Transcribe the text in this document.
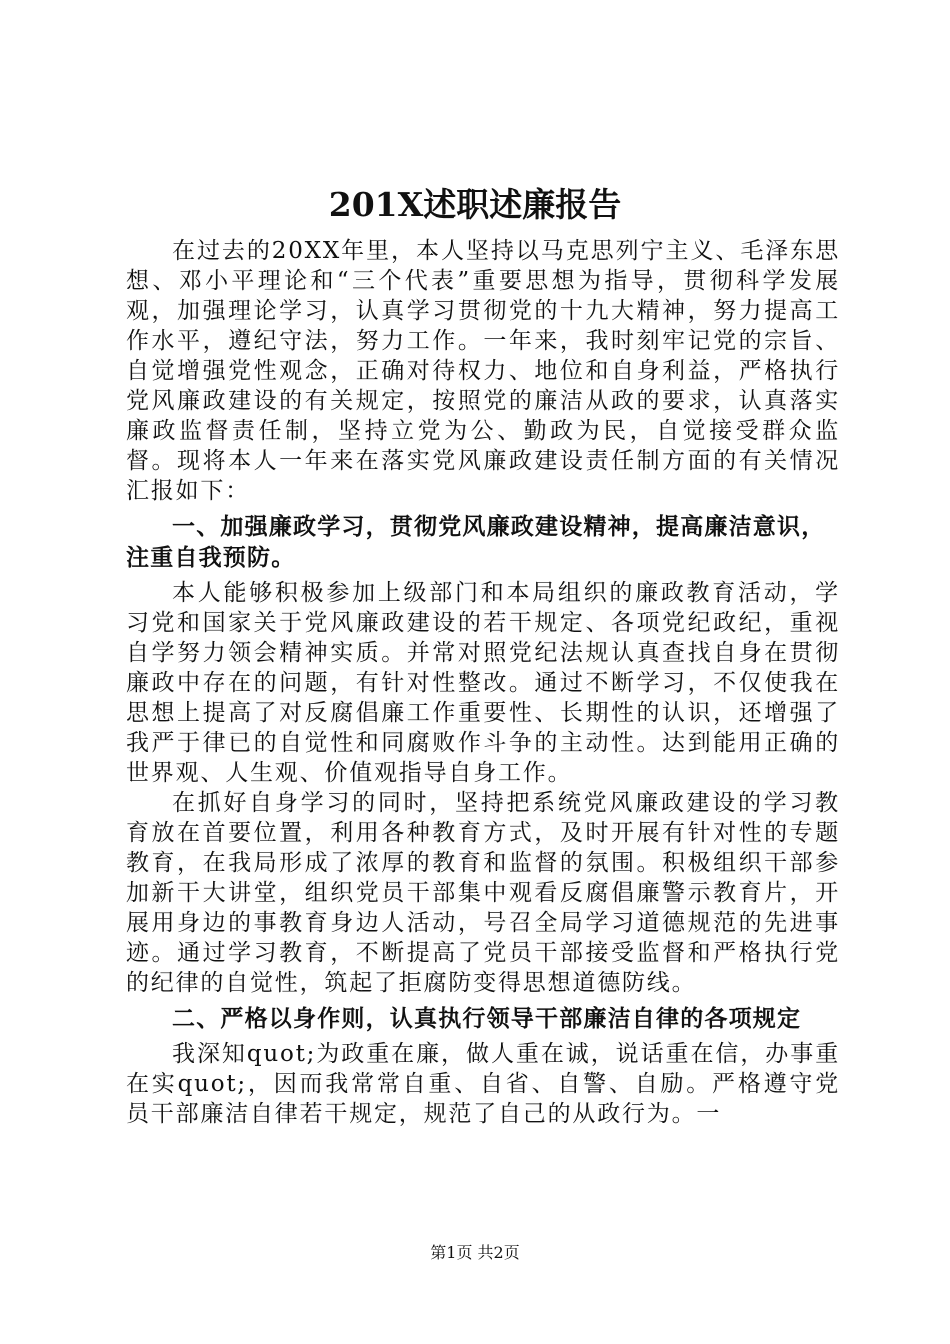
201X述职述廉报告

在过去的20XX年里，本人坚持以马克思列宁主义、毛泽东思想、邓小平理论和“三个代表”重要思想为指导，贯彻科学发展观，加强理论学习，认真学习贯彻党的十九大精神，努力提高工作水平，遵纪守法，努力工作。一年来，我时刻牢记党的宗旨、自觉增强党性观念，正确对待权力、地位和自身利益，严格执行党风廉政建设的有关规定，按照党的廉洁从政的要求，认真落实廉政监督责任制，坚持立党为公、勤政为民，自觉接受群众监督。现将本人一年来在落实党风廉政建设责任制方面的有关情况汇报如下：

一、加强廉政学习，贯彻党风廉政建设精神，提高廉洁意识，注重自我预防。

本人能够积极参加上级部门和本局组织的廉政教育活动，学习党和国家关于党风廉政建设的若干规定、各项党纪政纪，重视自学努力领会精神实质。并常对照党纪法规认真查找自身在贯彻廉政中存在的问题，有针对性整改。通过不断学习，不仅使我在思想上提高了对反腐倡廉工作重要性、长期性的认识，还增强了我严于律已的自觉性和同腐败作斗争的主动性。达到能用正确的世界观、人生观、价值观指导自身工作。

在抓好自身学习的同时，坚持把系统党风廉政建设的学习教育放在首要位置，利用各种教育方式，及时开展有针对性的专题教育，在我局形成了浓厚的教育和监督的氛围。积极组织干部参加新干大讲堂，组织党员干部集中观看反腐倡廉警示教育片，开展用身边的事教育身边人活动，号召全局学习道德规范的先进事迹。通过学习教育，不断提高了党员干部接受监督和严格执行党的纪律的自觉性，筑起了拒腐防变得思想道德防线。

二、严格以身作则，认真执行领导干部廉洁自律的各项规定

我深知quot;为政重在廉，做人重在诚，说话重在信，办事重在实quot;，因而我常常自重、自省、自警、自励。严格遵守党员干部廉洁自律若干规定，规范了自己的从政行为。一

第1页 共2页
